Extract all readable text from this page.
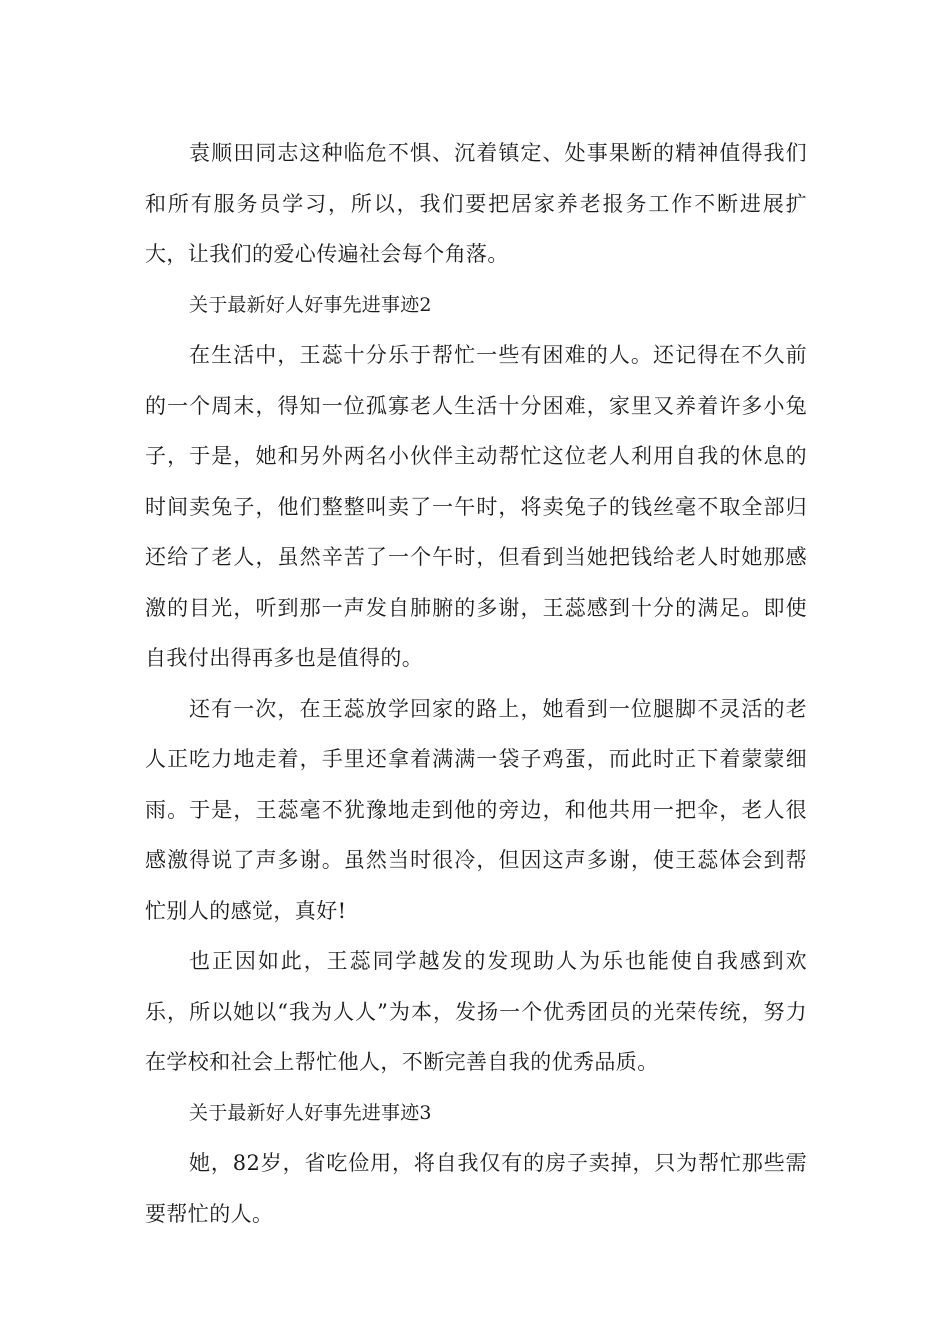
袁顺田同志这种临危不惧、沉着镇定、处事果断的精神值得我们和所有服务员学习，所以，我们要把居家养老报务工作不断进展扩大，让我们的爱心传遍社会每个角落。

关于最新好人好事先进事迹2

在生活中，王蕊十分乐于帮忙一些有困难的人。还记得在不久前的一个周末，得知一位孤寡老人生活十分困难，家里又养着许多小兔子，于是，她和另外两名小伙伴主动帮忙这位老人利用自我的休息的时间卖兔子，他们整整叫卖了一午时，将卖兔子的钱丝毫不取全部归还给了老人，虽然辛苦了一个午时，但看到当她把钱给老人时她那感激的目光，听到那一声发自肺腑的多谢，王蕊感到十分的满足。即使自我付出得再多也是值得的。

还有一次，在王蕊放学回家的路上，她看到一位腿脚不灵活的老人正吃力地走着，手里还拿着满满一袋子鸡蛋，而此时正下着蒙蒙细雨。于是，王蕊毫不犹豫地走到他的旁边，和他共用一把伞，老人很感激得说了声多谢。虽然当时很冷，但因这声多谢，使王蕊体会到帮忙别人的感觉，真好!

也正因如此，王蕊同学越发的发现助人为乐也能使自我感到欢乐，所以她以“我为人人”为本，发扬一个优秀团员的光荣传统，努力在学校和社会上帮忙他人，不断完善自我的优秀品质。

关于最新好人好事先进事迹3

她，82岁，省吃俭用，将自我仅有的房子卖掉，只为帮忙那些需要帮忙的人。
